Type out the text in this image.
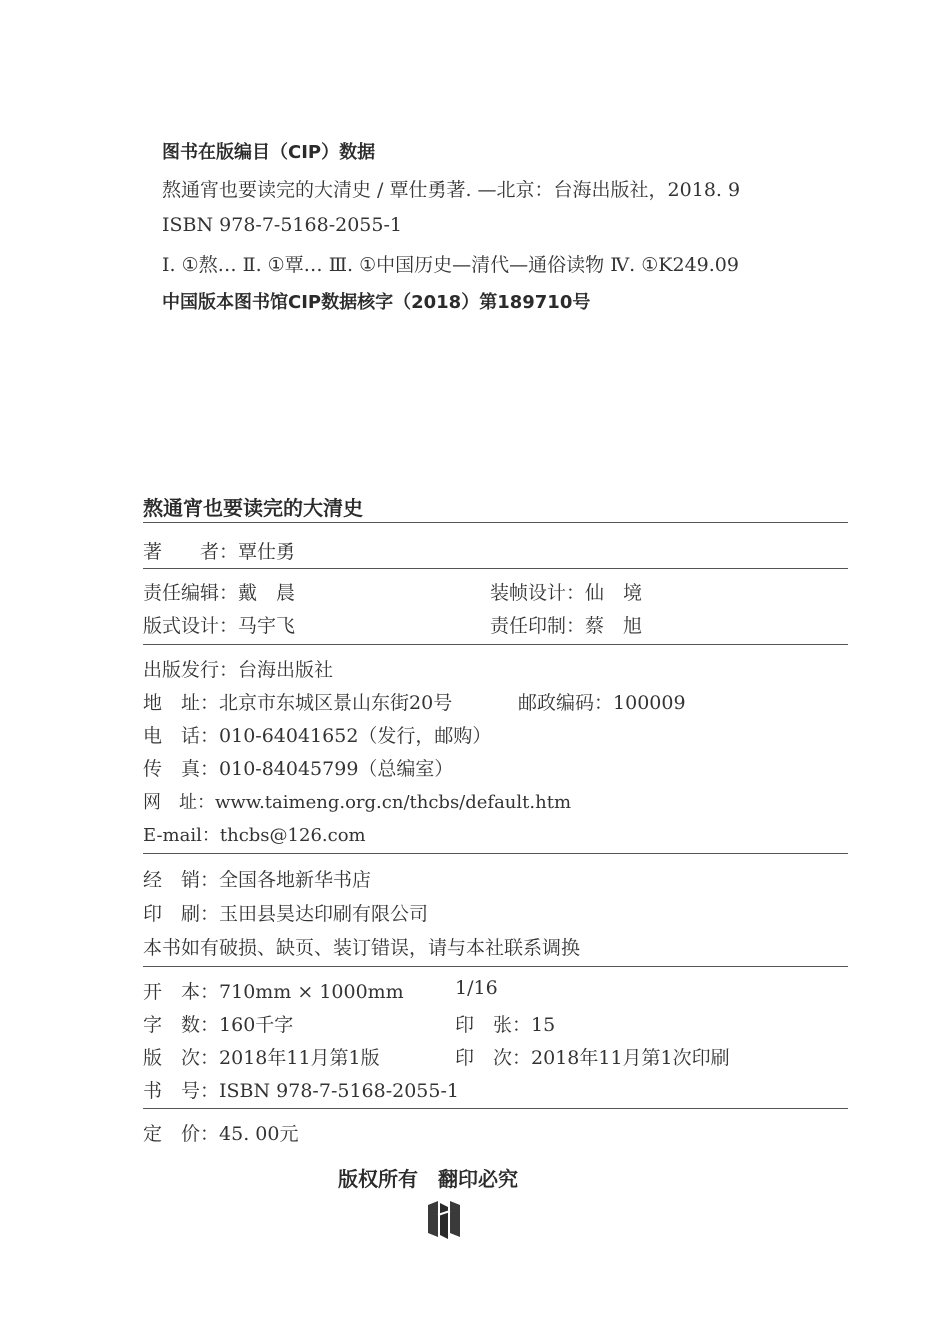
图书在版编目（CIP）数据
熬通宵也要读完的大清史 / 覃仕勇著. —北京：台海出版社，2018. 9
ISBN 978-7-5168-2055-1
Ⅰ. ①熬… Ⅱ. ①覃… Ⅲ. ①中国历史—清代—通俗读物 Ⅳ. ①K249.09
中国版本图书馆CIP数据核字（2018）第189710号
熬通宵也要读完的大清史
著　　者：覃仕勇
责任编辑：戴　晨	装帧设计：仙　境
版式设计：马宇飞	责任印制：蔡　旭
出版发行：台海出版社
地　址：北京市东城区景山东街20号	邮政编码：100009
电　话：010-64041652（发行，邮购）
传　真：010-84045799（总编室）
网　址：www.taimeng.org.cn/thcbs/default.htm
E-mail：thcbs@126.com
经　销：全国各地新华书店
印　刷：玉田县昊达印刷有限公司
本书如有破损、缺页、装订错误，请与本社联系调换
开　本：710mm × 1000mm	1/16
字　数：160千字	印　张：15
版　次：2018年11月第1版	印　次：2018年11月第1次印刷
书　号：ISBN 978-7-5168-2055-1
定　价：45. 00元
版权所有　翻印必究
